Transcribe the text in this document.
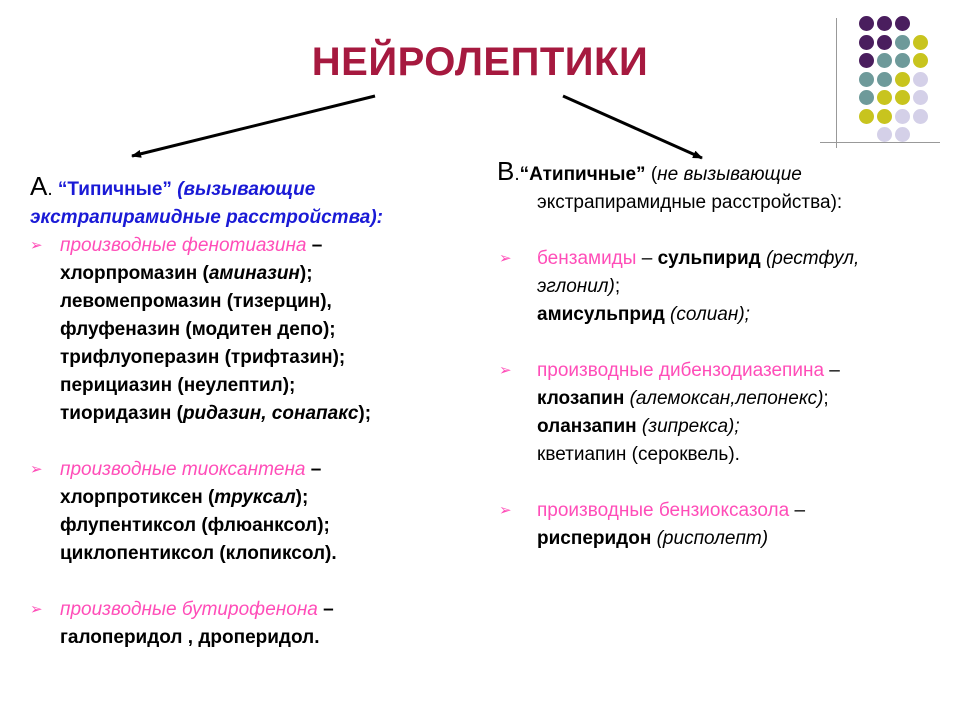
НЕЙРОЛЕПТИКИ
А. “Типичные” (вызывающие экстрапирамидные расстройства):
➢ производные фенотиазина –
хлорпромазин (аминазин);
левомепромазин (тизерцин),
флуфеназин (модитен депо);
трифлуоперазин (трифтазин);
перициазин (неулептил);
тиоридазин (ридазин, сонапакс);
➢ производные тиоксантена –
хлорпротиксен (труксал);
флупентиксол (флюанксол);
циклопентиксол (клопиксол).
➢ производные бутирофенона –
галоперидол , дроперидол.
В.“Атипичные” (не вызывающие
экстрапирамидные расстройства):
➢ бензамиды – сульпирид (рестфул, эглонил);
амисульприд (солиан);
➢ производные дибензодиазепина –
клозапин (алемоксан,лепонекс);
оланзапин (зипрекса);
кветиапин (сероквель).
➢ производные бензиоксазола –
рисперидон (рисполепт)
